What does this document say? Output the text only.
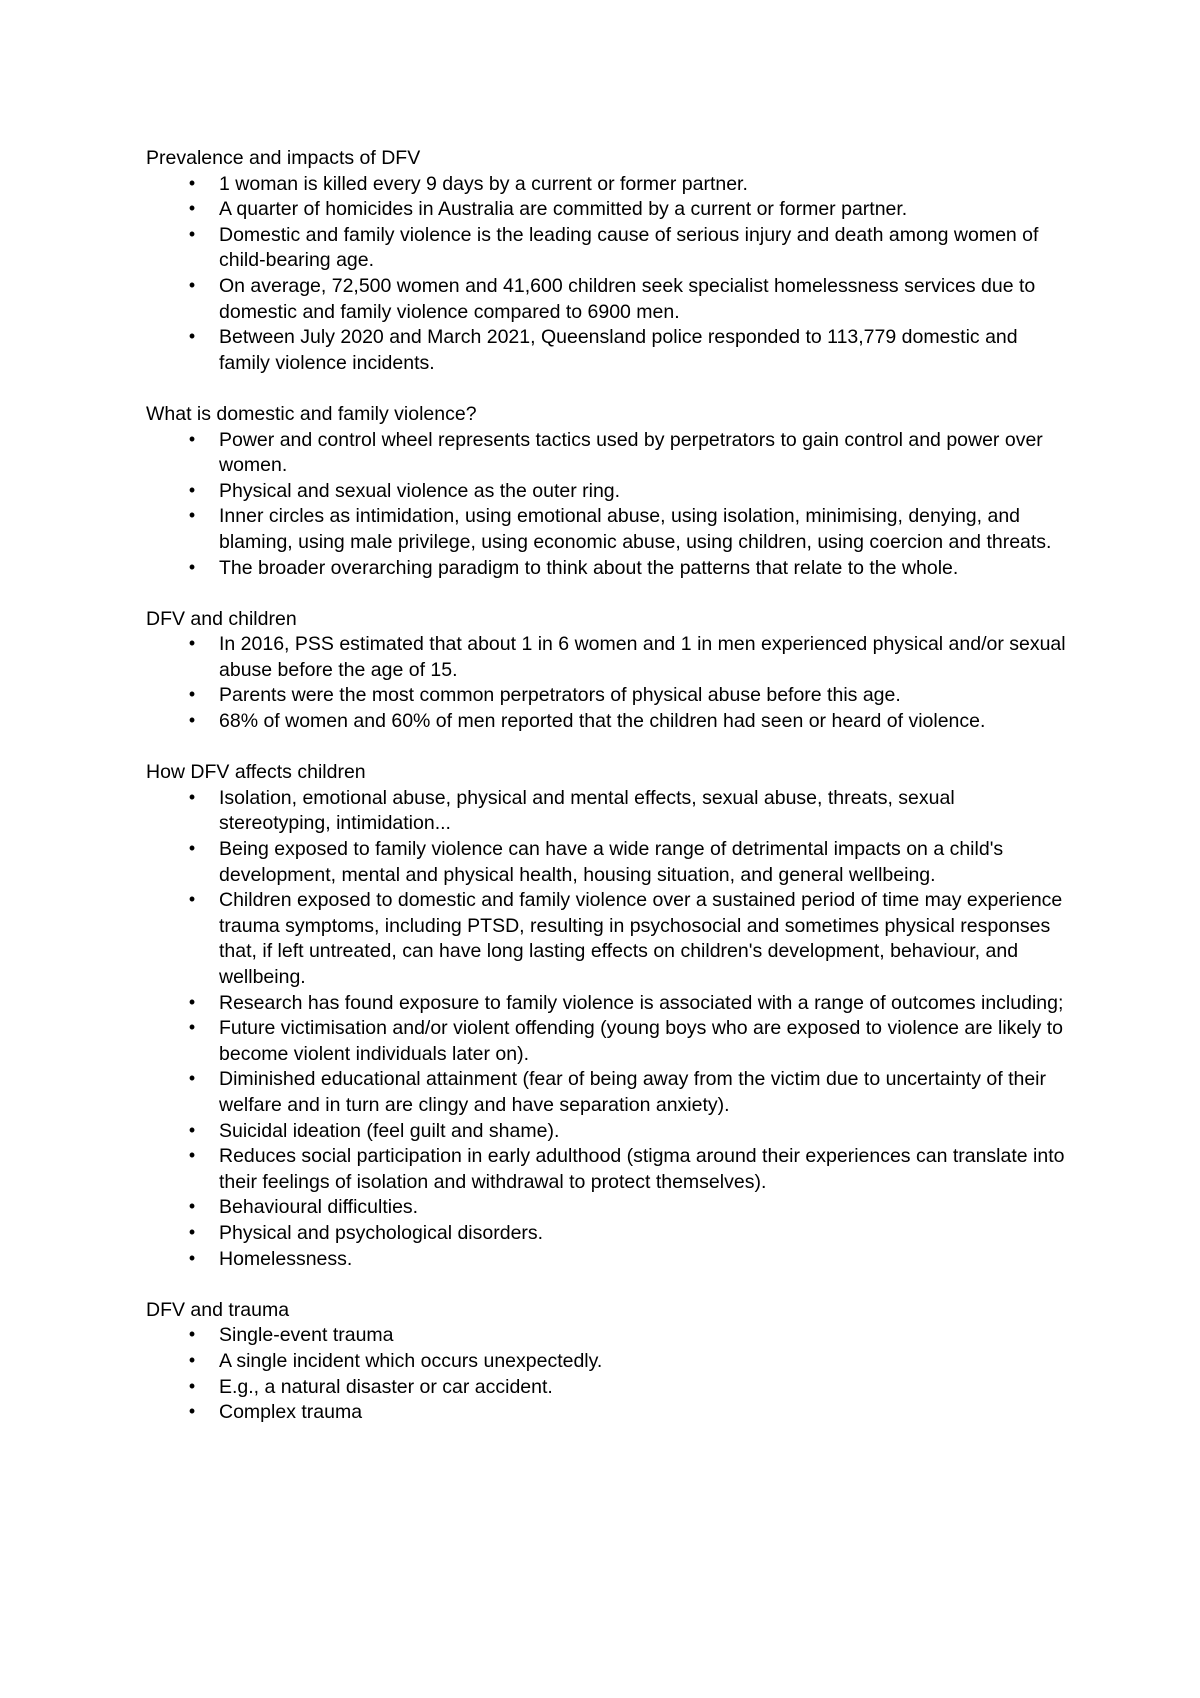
Prevalence and impacts of DFV
•	1 woman is killed every 9 days by a current or former partner.
•	A quarter of homicides in Australia are committed by a current or former partner.
•	Domestic and family violence is the leading cause of serious injury and death among women of child-bearing age.
•	On average, 72,500 women and 41,600 children seek specialist homelessness services due to domestic and family violence compared to 6900 men.
•	Between July 2020 and March 2021, Queensland police responded to 113,779 domestic and family violence incidents.
What is domestic and family violence?
•	Power and control wheel represents tactics used by perpetrators to gain control and power over women.
•	Physical and sexual violence as the outer ring.
•	Inner circles as intimidation, using emotional abuse, using isolation, minimising, denying, and blaming, using male privilege, using economic abuse, using children, using coercion and threats.
•	The broader overarching paradigm to think about the patterns that relate to the whole.
DFV and children
•	In 2016, PSS estimated that about 1 in 6 women and 1 in men experienced physical and/or sexual abuse before the age of 15.
•	Parents were the most common perpetrators of physical abuse before this age.
•	68% of women and 60% of men reported that the children had seen or heard of violence.
How DFV affects children
•	Isolation, emotional abuse, physical and mental effects, sexual abuse, threats, sexual stereotyping, intimidation...
•	Being exposed to family violence can have a wide range of detrimental impacts on a child's development, mental and physical health, housing situation, and general wellbeing.
•	Children exposed to domestic and family violence over a sustained period of time may experience trauma symptoms, including PTSD, resulting in psychosocial and sometimes physical responses that, if left untreated, can have long lasting effects on children's development, behaviour, and wellbeing.
•	Research has found exposure to family violence is associated with a range of outcomes including;
•	Future victimisation and/or violent offending (young boys who are exposed to violence are likely to become violent individuals later on).
•	Diminished educational attainment (fear of being away from the victim due to uncertainty of their welfare and in turn are clingy and have separation anxiety).
•	Suicidal ideation (feel guilt and shame).
•	Reduces social participation in early adulthood (stigma around their experiences can translate into their feelings of isolation and withdrawal to protect themselves).
•	Behavioural difficulties.
•	Physical and psychological disorders.
•	Homelessness.
DFV and trauma
•	Single-event trauma
•	A single incident which occurs unexpectedly.
•	E.g., a natural disaster or car accident.
•	Complex trauma
